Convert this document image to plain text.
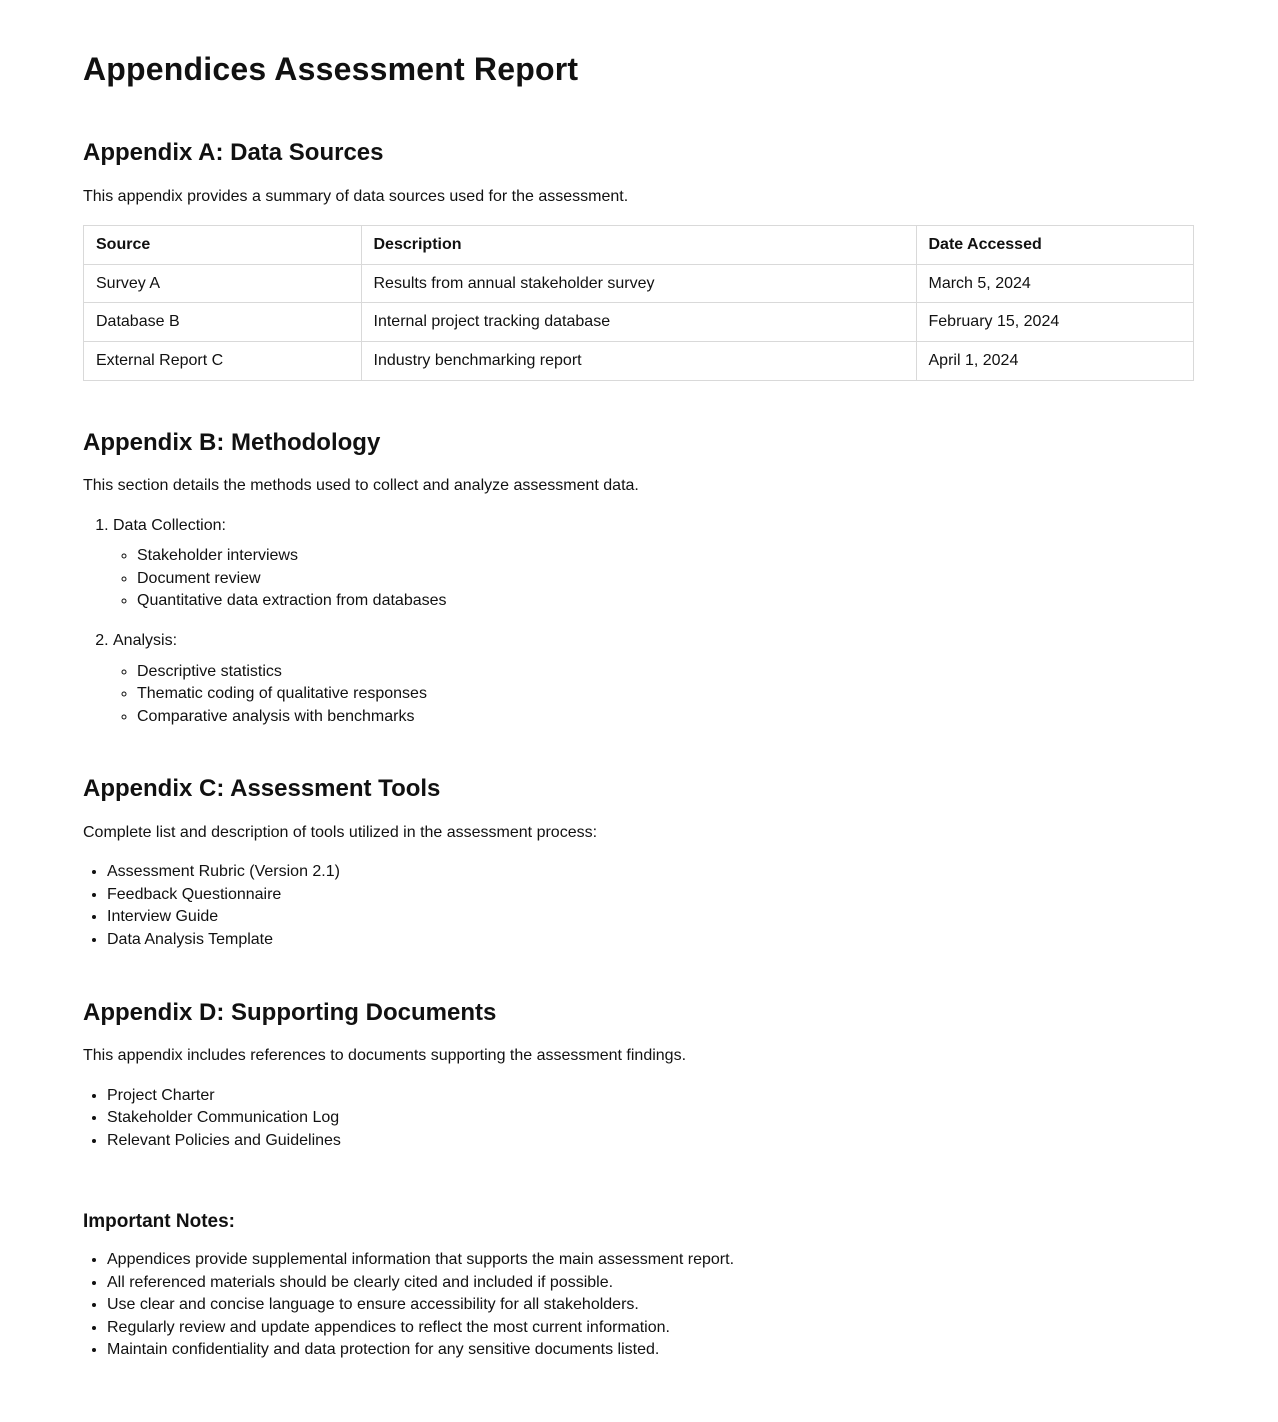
Appendices Assessment Report
Appendix A: Data Sources

This appendix provides a summary of data sources used for the assessment.

Source	Description	Date Accessed
Survey A	Results from annual stakeholder survey	March 5, 2024
Database B	Internal project tracking database	February 15, 2024
External Report C	Industry benchmarking report	April 1, 2024
Appendix B: Methodology

This section details the methods used to collect and analyze assessment data.

1. Data Collection:
◦ Stakeholder interviews
◦ Document review
◦ Quantitative data extraction from databases
2. Analysis:
◦ Descriptive statistics
◦ Thematic coding of qualitative responses
◦ Comparative analysis with benchmarks
Appendix C: Assessment Tools

Complete list and description of tools utilized in the assessment process:

• Assessment Rubric (Version 2.1)
• Feedback Questionnaire
• Interview Guide
• Data Analysis Template
Appendix D: Supporting Documents

This appendix includes references to documents supporting the assessment findings.

• Project Charter
• Stakeholder Communication Log
• Relevant Policies and Guidelines
Important Notes:
• Appendices provide supplemental information that supports the main assessment report.
• All referenced materials should be clearly cited and included if possible.
• Use clear and concise language to ensure accessibility for all stakeholders.
• Regularly review and update appendices to reflect the most current information.
• Maintain confidentiality and data protection for any sensitive documents listed.
